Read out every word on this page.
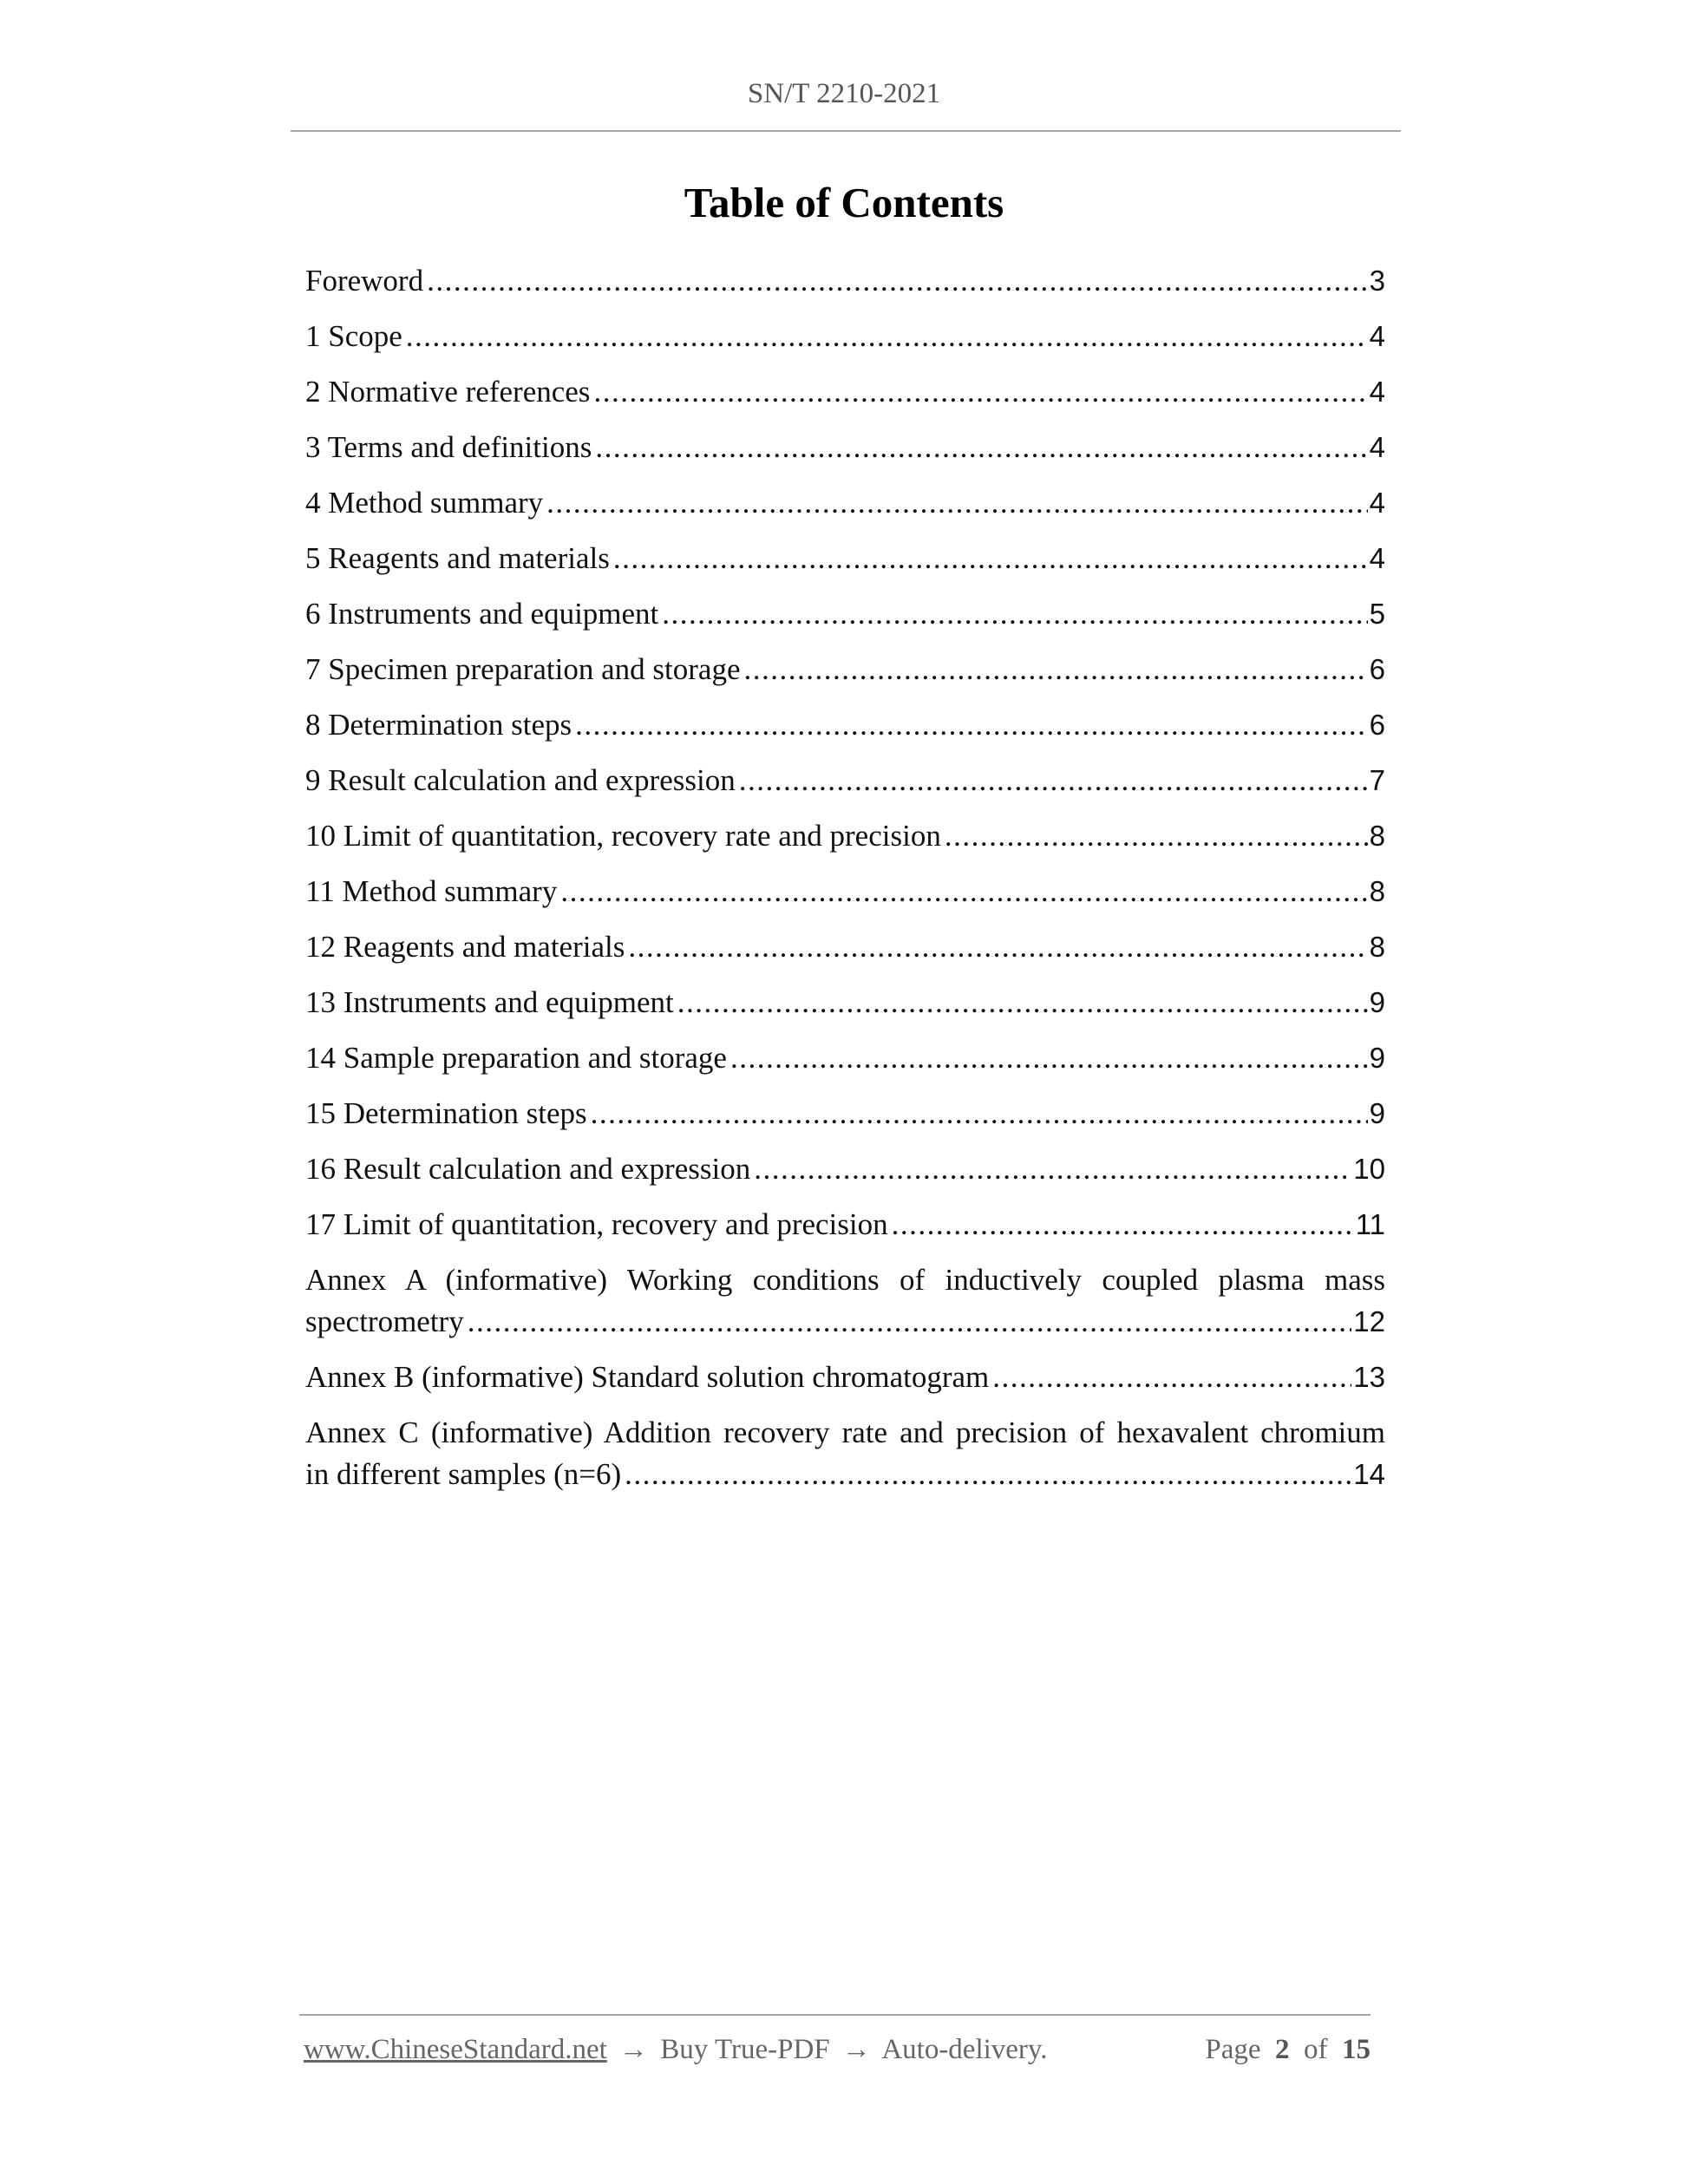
SN/T 2210-2021
Table of Contents
Foreword .....	3
1 Scope .....	4
2 Normative references .....	4
3 Terms and definitions .....	4
4 Method summary .....	4
5 Reagents and materials .....	4
6 Instruments and equipment .....	5
7 Specimen preparation and storage .....	6
8 Determination steps .....	6
9 Result calculation and expression .....	7
10 Limit of quantitation, recovery rate and precision .....	8
11 Method summary .....	8
12 Reagents and materials .....	8
13 Instruments and equipment .....	9
14 Sample preparation and storage .....	9
15 Determination steps .....	9
16 Result calculation and expression .....	10
17 Limit of quantitation, recovery and precision .....	11
Annex A (informative) Working conditions of inductively coupled plasma mass
spectrometry .....	12
Annex B (informative) Standard solution chromatogram .....	13
Annex C (informative) Addition recovery rate and precision of hexavalent chromium
in different samples (n=6) .....	14
www.ChineseStandard.net → Buy True-PDF → Auto-delivery.	Page 2 of 15
